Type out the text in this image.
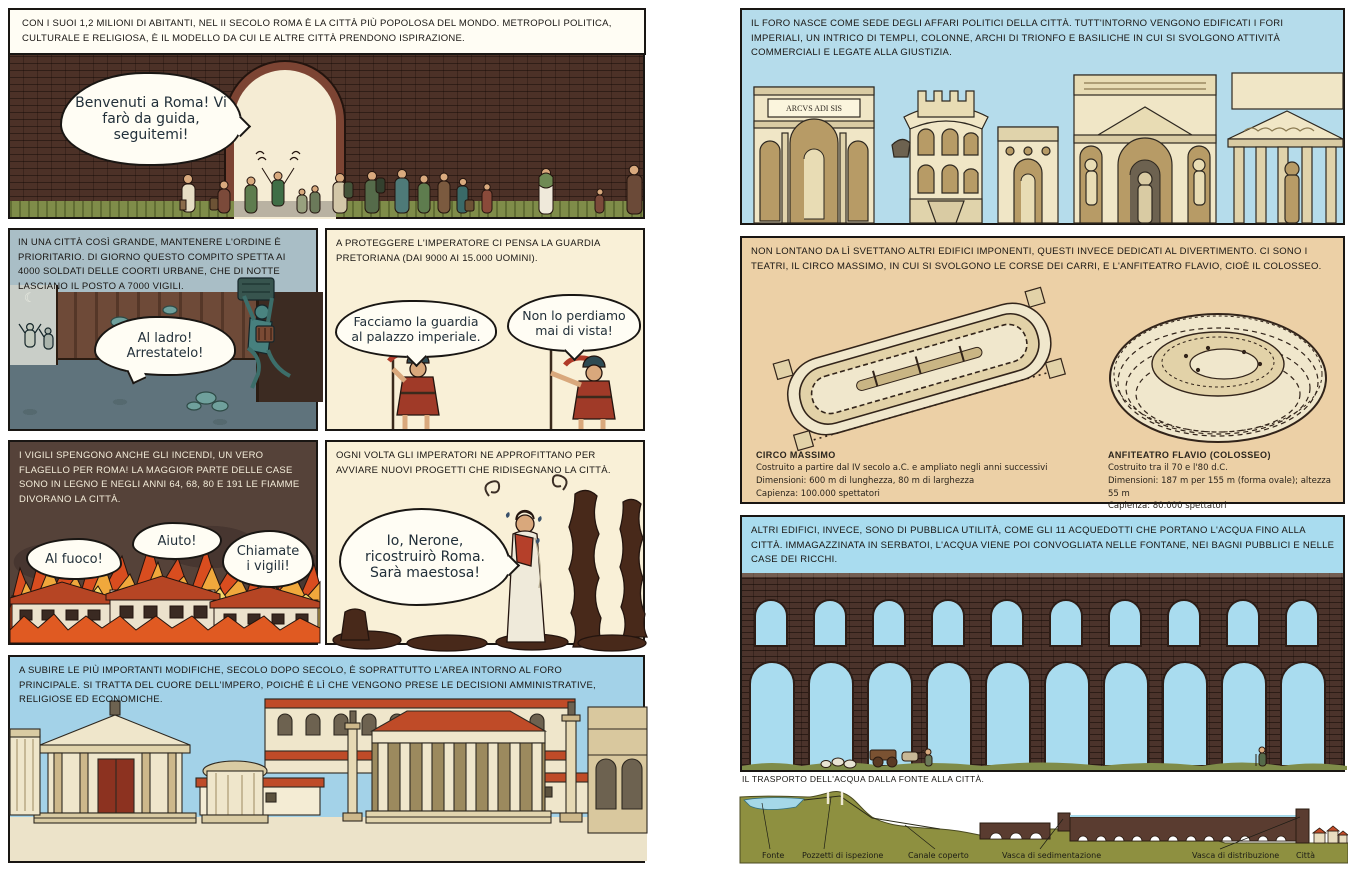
CON I SUOI 1,2 MILIONI DI ABITANTI, NEL II SECOLO ROMA È LA CITTÀ PIÙ POPOLOSA DEL MONDO. METROPOLI POLITICA, CULTURALE E RELIGIOSA, È IL MODELLO DA CUI LE ALTRE CITTÀ PRENDONO ISPIRAZIONE.
Benvenuti a Roma! Vi farò da guida, seguitemi!
☾
IN UNA CITTÀ COSÌ GRANDE, MANTENERE L'ORDINE È PRIORITARIO. DI GIORNO QUESTO COMPITO SPETTA AI 4000 SOLDATI DELLE COORTI URBANE, CHE DI NOTTE LASCIANO IL POSTO A 7000 VIGILI.
Al ladro! Arrestatelo!
A PROTEGGERE L'IMPERATORE CI PENSA LA GUARDIA PRETORIANA (DAI 9000 AI 15.000 UOMINI).
Facciamo la guardia al palazzo imperiale.
Non lo perdiamo mai di vista!
I VIGILI SPENGONO ANCHE GLI INCENDI, UN VERO FLAGELLO PER ROMA! LA MAGGIOR PARTE DELLE CASE SONO IN LEGNO E NEGLI ANNI 64, 68, 80 E 191 LE FIAMME DIVORANO LA CITTÀ.
Al fuoco!
Aiuto!
Chiamate i vigili!
OGNI VOLTA GLI IMPERATORI NE APPROFITTANO PER AVVIARE NUOVI PROGETTI CHE RIDISEGNANO LA CITTÀ.
Io, Nerone, ricostruirò Roma. Sarà maestosa!
A SUBIRE LE PIÙ IMPORTANTI MODIFICHE, SECOLO DOPO SECOLO, È SOPRATTUTTO L'AREA INTORNO AL FORO PRINCIPALE. SI TRATTA DEL CUORE DELL'IMPERO, POICHÉ È LÌ CHE VENGONO PRESE LE DECISIONI AMMINISTRATIVE, RELIGIOSE ED ECONOMICHE.
IL FORO NASCE COME SEDE DEGLI AFFARI POLITICI DELLA CITTÀ. TUTT'INTORNO VENGONO EDIFICATI I FORI IMPERIALI, UN INTRICO DI TEMPLI, COLONNE, ARCHI DI TRIONFO E BASILICHE IN CUI SI SVOLGONO ATTIVITÀ COMMERCIALI E LEGATE ALLA GIUSTIZIA.
ARCVS ADI SIS
NON LONTANO DA LÌ SVETTANO ALTRI EDIFICI IMPONENTI, QUESTI INVECE DEDICATI AL DIVERTIMENTO. CI SONO I TEATRI, IL CIRCO MASSIMO, IN CUI SI SVOLGONO LE CORSE DEI CARRI, E L'ANFITEATRO FLAVIO, CIOÈ IL COLOSSEO.
CIRCO MASSIMO
Costruito a partire dal IV secolo a.C. e ampliato negli anni successivi
Dimensioni: 600 m di lunghezza, 80 m di larghezza
Capienza: 100.000 spettatori
ANFITEATRO FLAVIO (COLOSSEO)
Costruito tra il 70 e l'80 d.C.
Dimensioni: 187 m per 155 m (forma ovale); altezza 55 m
Capienza: 80.000 spettatori
ALTRI EDIFICI, INVECE, SONO DI PUBBLICA UTILITÀ, COME GLI 11 ACQUEDOTTI CHE PORTANO L'ACQUA FINO ALLA CITTÀ. IMMAGAZZINATA IN SERBATOI, L'ACQUA VIENE POI CONVOGLIATA NELLE FONTANE, NEI BAGNI PUBBLICI E NELLE CASE DEI RICCHI.
IL TRASPORTO DELL'ACQUA DALLA FONTE ALLA CITTÀ.
Fonte Pozzetti di ispezione	Canale coperto	Vasca di sedimentazione	Vasca di distribuzione Città
